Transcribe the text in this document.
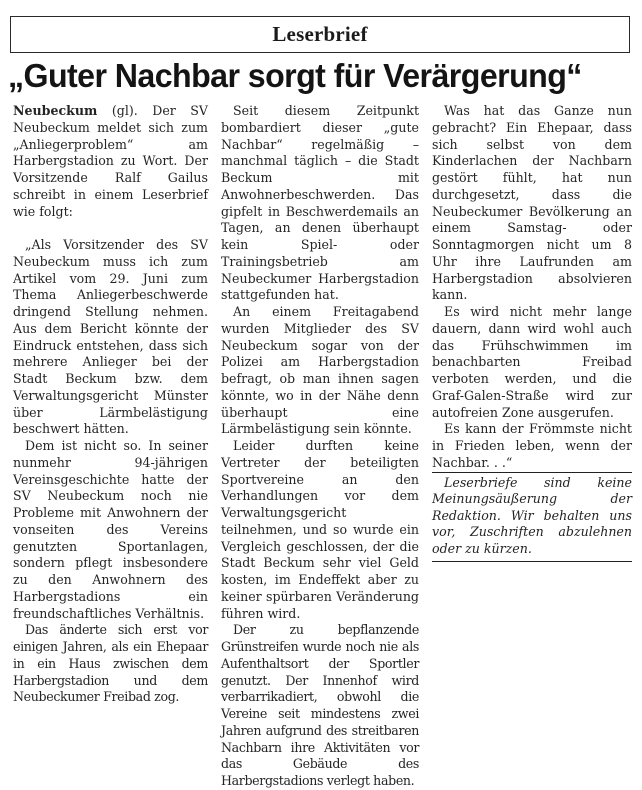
Leserbrief
„Guter Nachbar sorgt für Verärgerung“

Neubeckum (gl). Der SV Neubeckum meldet sich zum „Anliegerproblem“ am Harbergstadion zu Wort. Der Vorsitzende Ralf Gailus schreibt in einem Leserbrief wie folgt:

„Als Vorsitzender des SV Neubeckum muss ich zum Artikel vom 29. Juni zum Thema Anliegerbeschwerde dringend Stellung nehmen. Aus dem Bericht könnte der Eindruck entstehen, dass sich mehrere Anlieger bei der Stadt Beckum bzw. dem Verwaltungsgericht Münster über Lärmbelästigung beschwert hätten.

Dem ist nicht so. In seiner nunmehr 94-jährigen Vereinsgeschichte hatte der SV Neubeckum noch nie Probleme mit Anwohnern der vonseiten des Vereins genutzten Sportanlagen, sondern pflegt insbesondere zu den Anwohnern des Harbergstadions ein freundschaftliches Verhältnis.

Das änderte sich erst vor einigen Jahren, als ein Ehepaar in ein Haus zwischen dem Harbergstadion und dem Neubeckumer Freibad zog.

Seit diesem Zeitpunkt bombardiert dieser „gute Nachbar“ regelmäßig – manchmal täglich – die Stadt Beckum mit Anwohnerbeschwerden. Das gipfelt in Beschwerdemails an Tagen, an denen überhaupt kein Spiel- oder Trainingsbetrieb am Neubeckumer Harbergstadion stattgefunden hat.

An einem Freitagabend wurden Mitglieder des SV Neubeckum sogar von der Polizei am Harbergstadion befragt, ob man ihnen sagen könnte, wo in der Nähe denn überhaupt eine Lärmbelästigung sein könnte.

Leider durften keine Vertreter der beteiligten Sportvereine an den Verhandlungen vor dem Verwaltungsgericht teilnehmen, und so wurde ein Vergleich geschlossen, der die Stadt Beckum sehr viel Geld kosten, im Endeffekt aber zu keiner spürbaren Veränderung führen wird.

Der zu bepflanzende Grünstreifen wurde noch nie als Aufenthaltsort der Sportler genutzt. Der Innenhof wird verbarrikadiert, obwohl die Vereine seit mindestens zwei Jahren aufgrund des streitbaren Nachbarn ihre Aktivitäten vor das Gebäude des Harbergstadions verlegt haben.

Was hat das Ganze nun gebracht? Ein Ehepaar, dass sich selbst von dem Kinderlachen der Nachbarn gestört fühlt, hat nun durchgesetzt, dass die Neubeckumer Bevölkerung an einem Samstag- oder Sonntagmorgen nicht um 8 Uhr ihre Laufrunden am Harbergstadion absolvieren kann.

Es wird nicht mehr lange dauern, dann wird wohl auch das Frühschwimmen im benachbarten Freibad verboten werden, und die Graf-Galen-Straße wird zur autofreien Zone ausgerufen.

Es kann der Frömmste nicht in Frieden leben, wenn der Nachbar. . .“

Leserbriefe sind keine Meinungsäußerung der Redaktion. Wir behalten uns vor, Zuschriften abzulehnen oder zu kürzen.
